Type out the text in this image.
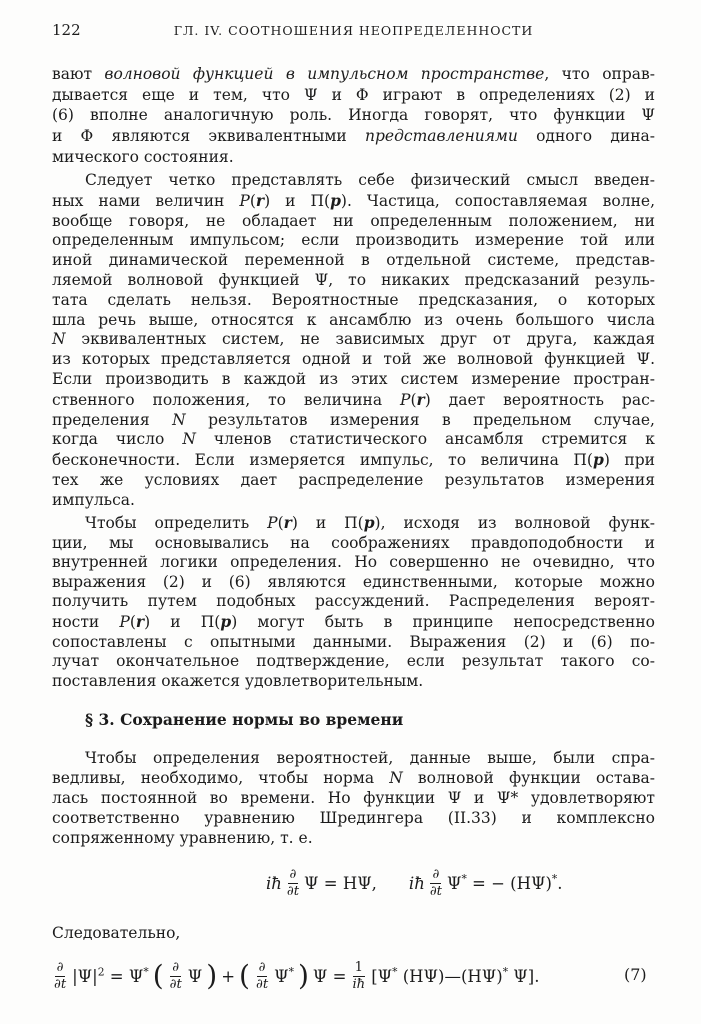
122	ГЛ. IV. СООТНОШЕНИЯ НЕОПРЕДЕЛЕННОСТИ
вают волновой функцией в импульсном пространстве, что оправ-
дывается еще и тем, что Ψ и Φ играют в определениях (2) и
(6) вполне аналогичную роль. Иногда говорят, что функции Ψ
и Φ являются эквивалентными представлениями одного дина-
мического состояния.
Следует четко представлять себе физический смысл введен-
ных нами величин P(r) и Π(p). Частица, сопоставляемая волне,
вообще говоря, не обладает ни определенным положением, ни
определенным импульсом; если производить измерение той или
иной динамической переменной в отдельной системе, представ-
ляемой волновой функцией Ψ, то никаких предсказаний резуль-
тата сделать нельзя. Вероятностные предсказания, о которых
шла речь выше, относятся к ансамблю из очень большого числа
N эквивалентных систем, не зависимых друг от друга, каждая
из которых представляется одной и той же волновой функцией Ψ.
Если производить в каждой из этих систем измерение простран-
ственного положения, то величина P(r) дает вероятность рас-
пределения N результатов измерения в предельном случае,
когда число N членов статистического ансамбля стремится к
бесконечности. Если измеряется импульс, то величина Π(p) при
тех же условиях дает распределение результатов измерения
импульса.
Чтобы определить P(r) и Π(p), исходя из волновой функ-
ции, мы основывались на соображениях правдоподобности и
внутренней логики определения. Но совершенно не очевидно, что
выражения (2) и (6) являются единственными, которые можно
получить путем подобных рассуждений. Распределения вероят-
ности P(r) и Π(p) могут быть в принципе непосредственно
сопоставлены с опытными данными. Выражения (2) и (6) по-
лучат окончательное подтверждение, если результат такого со-
поставления окажется удовлетворительным.
§ 3. Сохранение нормы во времени
Чтобы определения вероятностей, данные выше, были спра-
ведливы, необходимо, чтобы норма N волновой функции остава-
лась постоянной во времени. Но функции Ψ и Ψ* удовлетворяют
соответственно уравнению Шредингера (II.33) и комплексно
сопряженному уравнению, т. е.
iħ $\frac{\partial}{\partial t}$ Ψ = HΨ, iħ $\frac{\partial}{\partial t} \Psi^*$ = − (HΨ)*.
Следовательно,
$\frac{\partial}{\partial t} |\Psi|^2 = \Psi^*$ ( $\frac{\partial}{\partial t}$ Ψ ) + ( $\frac{\partial}{\partial t} \Psi^*$ ) $\Psi = \frac{1}{iħ} [\Psi^*$ (HΨ)—(HΨ)* Ψ].	(7)
